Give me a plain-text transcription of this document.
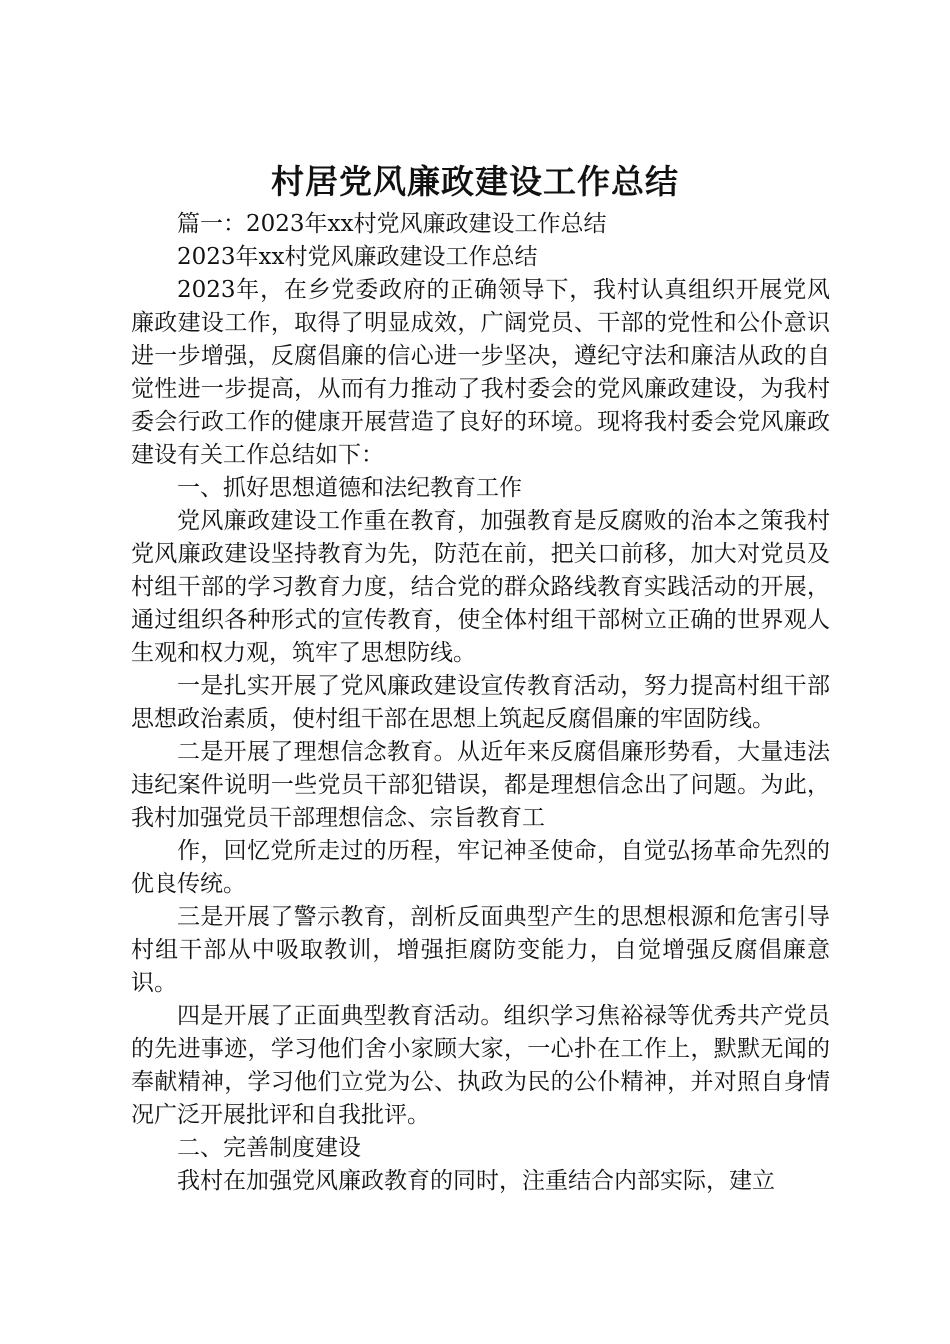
村居党风廉政建设工作总结

篇一：2023年xx村党风廉政建设工作总结

2023年xx村党风廉政建设工作总结

2023年，在乡党委政府的正确领导下，我村认真组织开展党风廉政建设工作，取得了明显成效，广阔党员、干部的党性和公仆意识进一步增强，反腐倡廉的信心进一步坚决，遵纪守法和廉洁从政的自觉性进一步提高，从而有力推动了我村委会的党风廉政建设，为我村委会行政工作的健康开展营造了良好的环境。现将我村委会党风廉政建设有关工作总结如下：

一、抓好思想道德和法纪教育工作

党风廉政建设工作重在教育，加强教育是反腐败的治本之策我村党风廉政建设坚持教育为先，防范在前，把关口前移，加大对党员及村组干部的学习教育力度，结合党的群众路线教育实践活动的开展，通过组织各种形式的宣传教育，使全体村组干部树立正确的世界观人生观和权力观，筑牢了思想防线。

一是扎实开展了党风廉政建设宣传教育活动，努力提高村组干部思想政治素质，使村组干部在思想上筑起反腐倡廉的牢固防线。

二是开展了理想信念教育。从近年来反腐倡廉形势看，大量违法违纪案件说明一些党员干部犯错误，都是理想信念出了问题。为此，我村加强党员干部理想信念、宗旨教育工

作，回忆党所走过的历程，牢记神圣使命，自觉弘扬革命先烈的优良传统。

三是开展了警示教育，剖析反面典型产生的思想根源和危害引导村组干部从中吸取教训，增强拒腐防变能力，自觉增强反腐倡廉意识。

四是开展了正面典型教育活动。组织学习焦裕禄等优秀共产党员的先进事迹，学习他们舍小家顾大家，一心扑在工作上，默默无闻的奉献精神，学习他们立党为公、执政为民的公仆精神，并对照自身情况广泛开展批评和自我批评。

二、完善制度建设

我村在加强党风廉政教育的同时，注重结合内部实际，建立
